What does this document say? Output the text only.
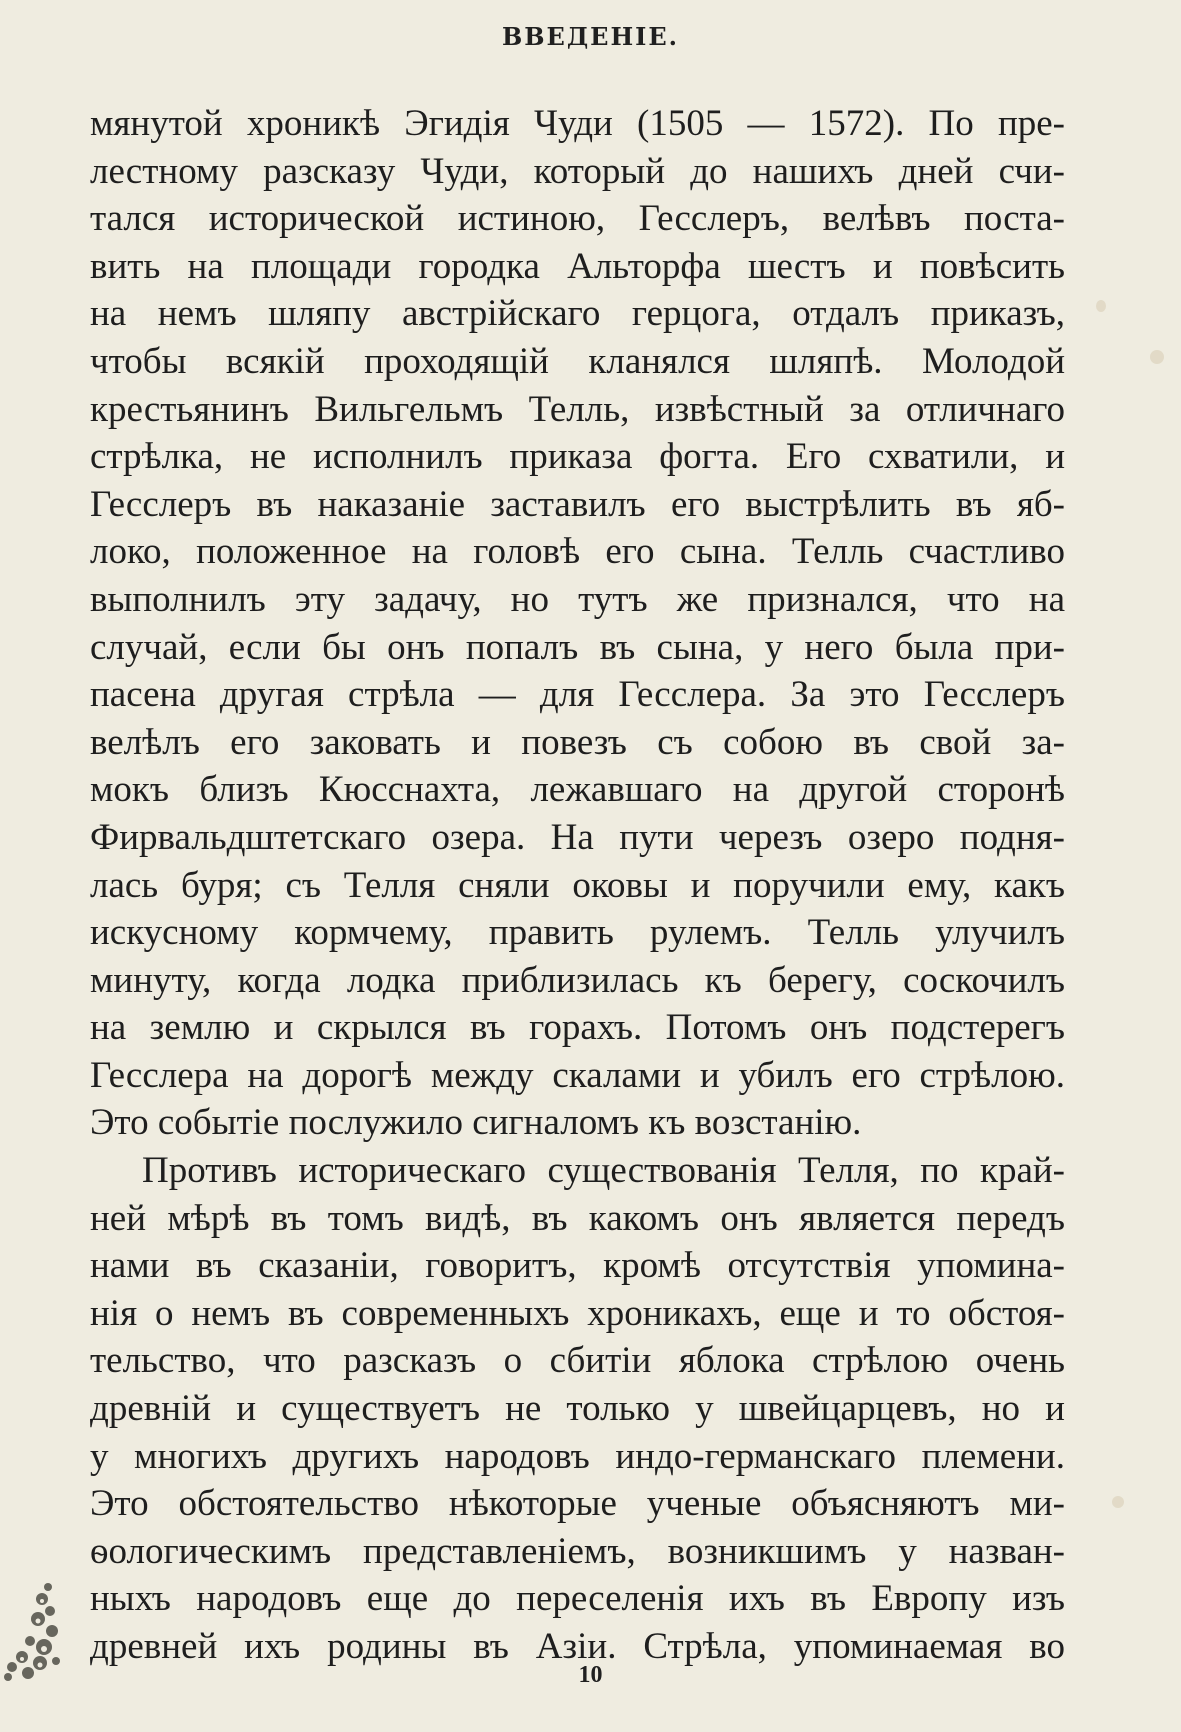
ВВЕДЕНІЕ.
мянутой хроникѣ Эгидія Чуди (1505 — 1572). По пре-
лестному разсказу Чуди, который до нашихъ дней счи-
тался исторической истиною, Гесслеръ, велѣвъ поста-
вить на площади городка Альторфа шестъ и повѣсить
на немъ шляпу австрійскаго герцога, отдалъ приказъ,
чтобы всякій проходящій кланялся шляпѣ. Молодой
крестьянинъ Вильгельмъ Телль, извѣстный за отличнаго
стрѣлка, не исполнилъ приказа фогта. Его схватили, и
Гесслеръ въ наказаніе заставилъ его выстрѣлить въ яб-
локо, положенное на головѣ его сына. Телль счастливо
выполнилъ эту задачу, но тутъ же признался, что на
случай, если бы онъ попалъ въ сына, у него была при-
пасена другая стрѣла — для Гесслера. За это Гесслеръ
велѣлъ его заковать и повезъ съ собою въ свой за-
мокъ близъ Кюсснахта, лежавшаго на другой сторонѣ
Фирвальдштетскаго озера. На пути черезъ озеро подня-
лась буря; съ Телля сняли оковы и поручили ему, какъ
искусному кормчему, править рулемъ. Телль улучилъ
минуту, когда лодка приблизилась къ берегу, соскочилъ
на землю и скрылся въ горахъ. Потомъ онъ подстерегъ
Гесслера на дорогѣ между скалами и убилъ его стрѣлою.
Это событіе послужило сигналомъ къ возстанію.
Противъ историческаго существованія Телля, по край-
ней мѣрѣ въ томъ видѣ, въ какомъ онъ является передъ
нами въ сказаніи, говоритъ, кромѣ отсутствія упомина-
нія о немъ въ современныхъ хроникахъ, еще и то обстоя-
тельство, что разсказъ о сбитіи яблока стрѣлою очень
древній и существуетъ не только у швейцарцевъ, но и
у многихъ другихъ народовъ индо-германскаго племени.
Это обстоятельство нѣкоторые ученые объясняютъ ми-
ѳологическимъ представленіемъ, возникшимъ у назван-
ныхъ народовъ еще до переселенія ихъ въ Европу изъ
древней ихъ родины въ Азіи. Стрѣла, упоминаемая во
10
